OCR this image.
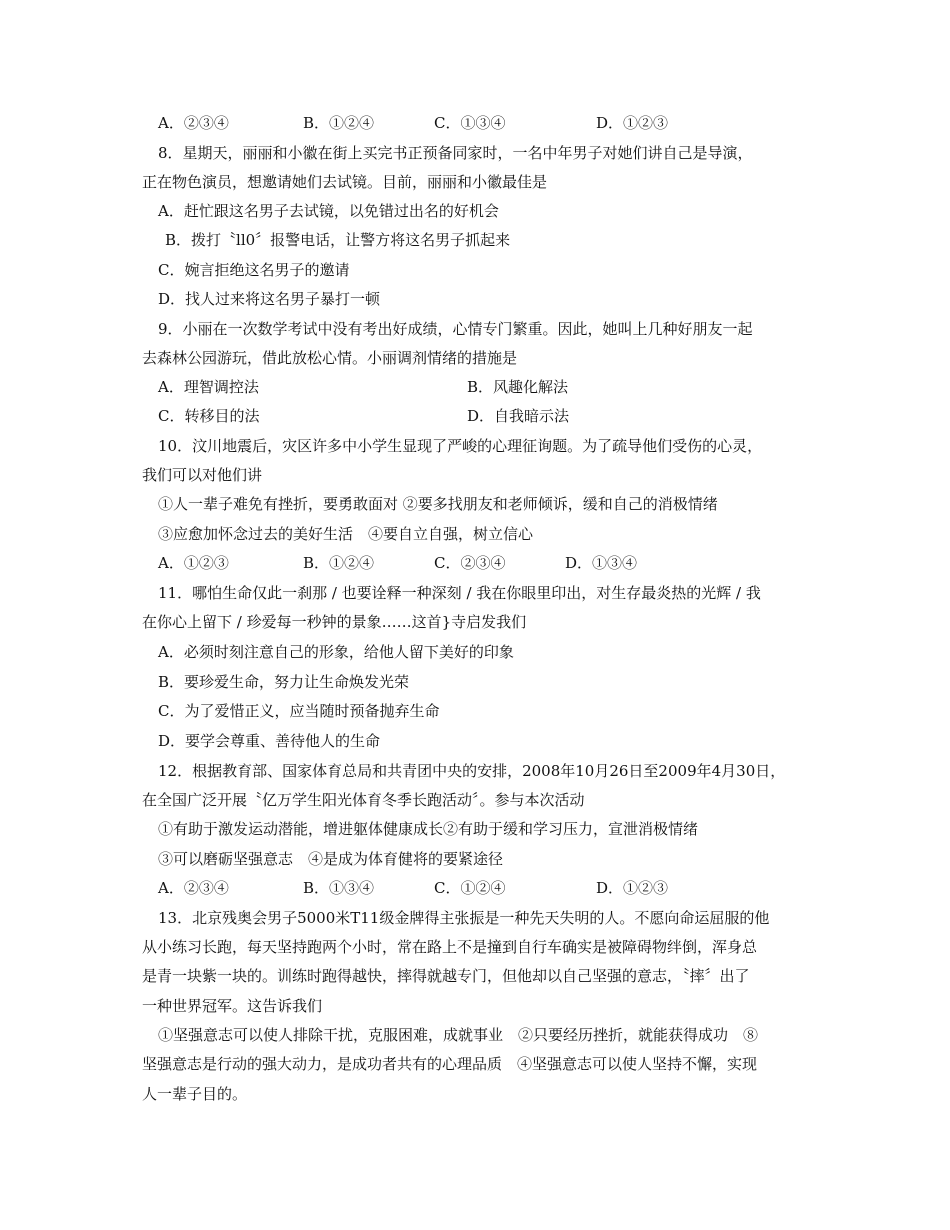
A．②③④	B．①②④	C．①③④	D．①②③
8．星期天，丽丽和小徽在街上买完书正预备同家时，一名中年男子对她们讲自己是导演，
正在物色演员，想邀请她们去试镜。目前，丽丽和小徽最佳是
A．赶忙跟这名男子去试镜，以免错过出名的好机会
B．拨打〝ll0〞报警电话，让警方将这名男子抓起来
C．婉言拒绝这名男子的邀请
D．找人过来将这名男子暴打一顿
9．小丽在一次数学考试中没有考出好成绩，心情专门繁重。因此，她叫上几种好朋友一起
去森林公园游玩，借此放松心情。小丽调剂情绪的措施是
A．理智调控法	B．风趣化解法
C．转移目的法	D．自我暗示法
10．汶川地震后，灾区许多中小学生显现了严峻的心理征询题。为了疏导他们受伤的心灵，
我们可以对他们讲
①人一辈子难免有挫折，要勇敢面对 ②要多找朋友和老师倾诉，缓和自己的消极情绪
③应愈加怀念过去的美好生活　④要自立自强，树立信心
A．①②③	B．①②④	C．②③④	D．①③④
11．哪怕生命仅此一刹那 / 也要诠释一种深刻 / 我在你眼里印出，对生存最炎热的光辉 / 我
在你心上留下 / 珍爱每一秒钟的景象……这首}寺启发我们
A．必须时刻注意自己的形象，给他人留下美好的印象
B．要珍爱生命，努力让生命焕发光荣
C．为了爱惜正义，应当随时预备抛弃生命
D．要学会尊重、善待他人的生命
12．根据教育部、国家体育总局和共青团中央的安排，2008年10月26日至2009年4月30日，
在全国广泛开展〝亿万学生阳光体育冬季长跑活动〞。参与本次活动
①有助于激发运动潜能，增进躯体健康成长②有助于缓和学习压力，宣泄消极情绪
③可以磨砺坚强意志　④是成为体育健将的要紧途径
A．②③④	B．①③④	C．①②④	D．①②③
13．北京残奥会男子5000米T11级金牌得主张振是一种先天失明的人。不愿向命运屈服的他
从小练习长跑，每天坚持跑两个小时，常在路上不是撞到自行车确实是被障碍物绊倒，浑身总
是青一块紫一块的。训练时跑得越快，摔得就越专门，但他却以自己坚强的意志，〝摔〞出了
一种世界冠军。这告诉我们
①坚强意志可以使人排除干扰，克服困难，成就事业　②只要经历挫折，就能获得成功　⑧
坚强意志是行动的强大动力，是成功者共有的心理品质　④坚强意志可以使人坚持不懈，实现
人一辈子目的。
